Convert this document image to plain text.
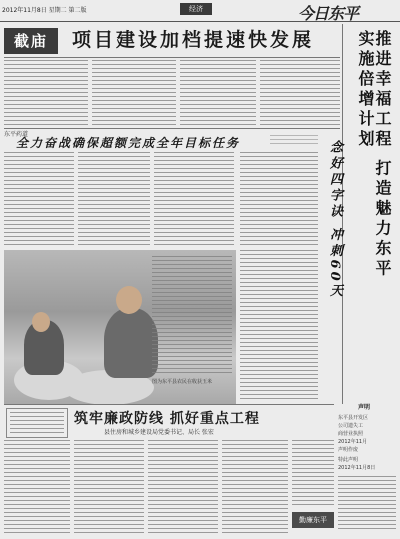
2012年11月8日 星期二 第二版	经济	今日东平
截庙	项目建设加档提速快发展
东平药道
全力奋战确保超额完成全年目标任务
图为东平县农民在收获玉米
实施倍增计划
推进幸福工程 打造魅力东平
念好四字诀 冲刺60天
筑牢廉政防线 抓好重点工程
县住房和城乡建设局党委书记、局长 张宏
勤廉东平
声明
东平县开发区
公司遗失工
商营业执照
2012年11月
声明作废
特此声明
2012年11月8日
